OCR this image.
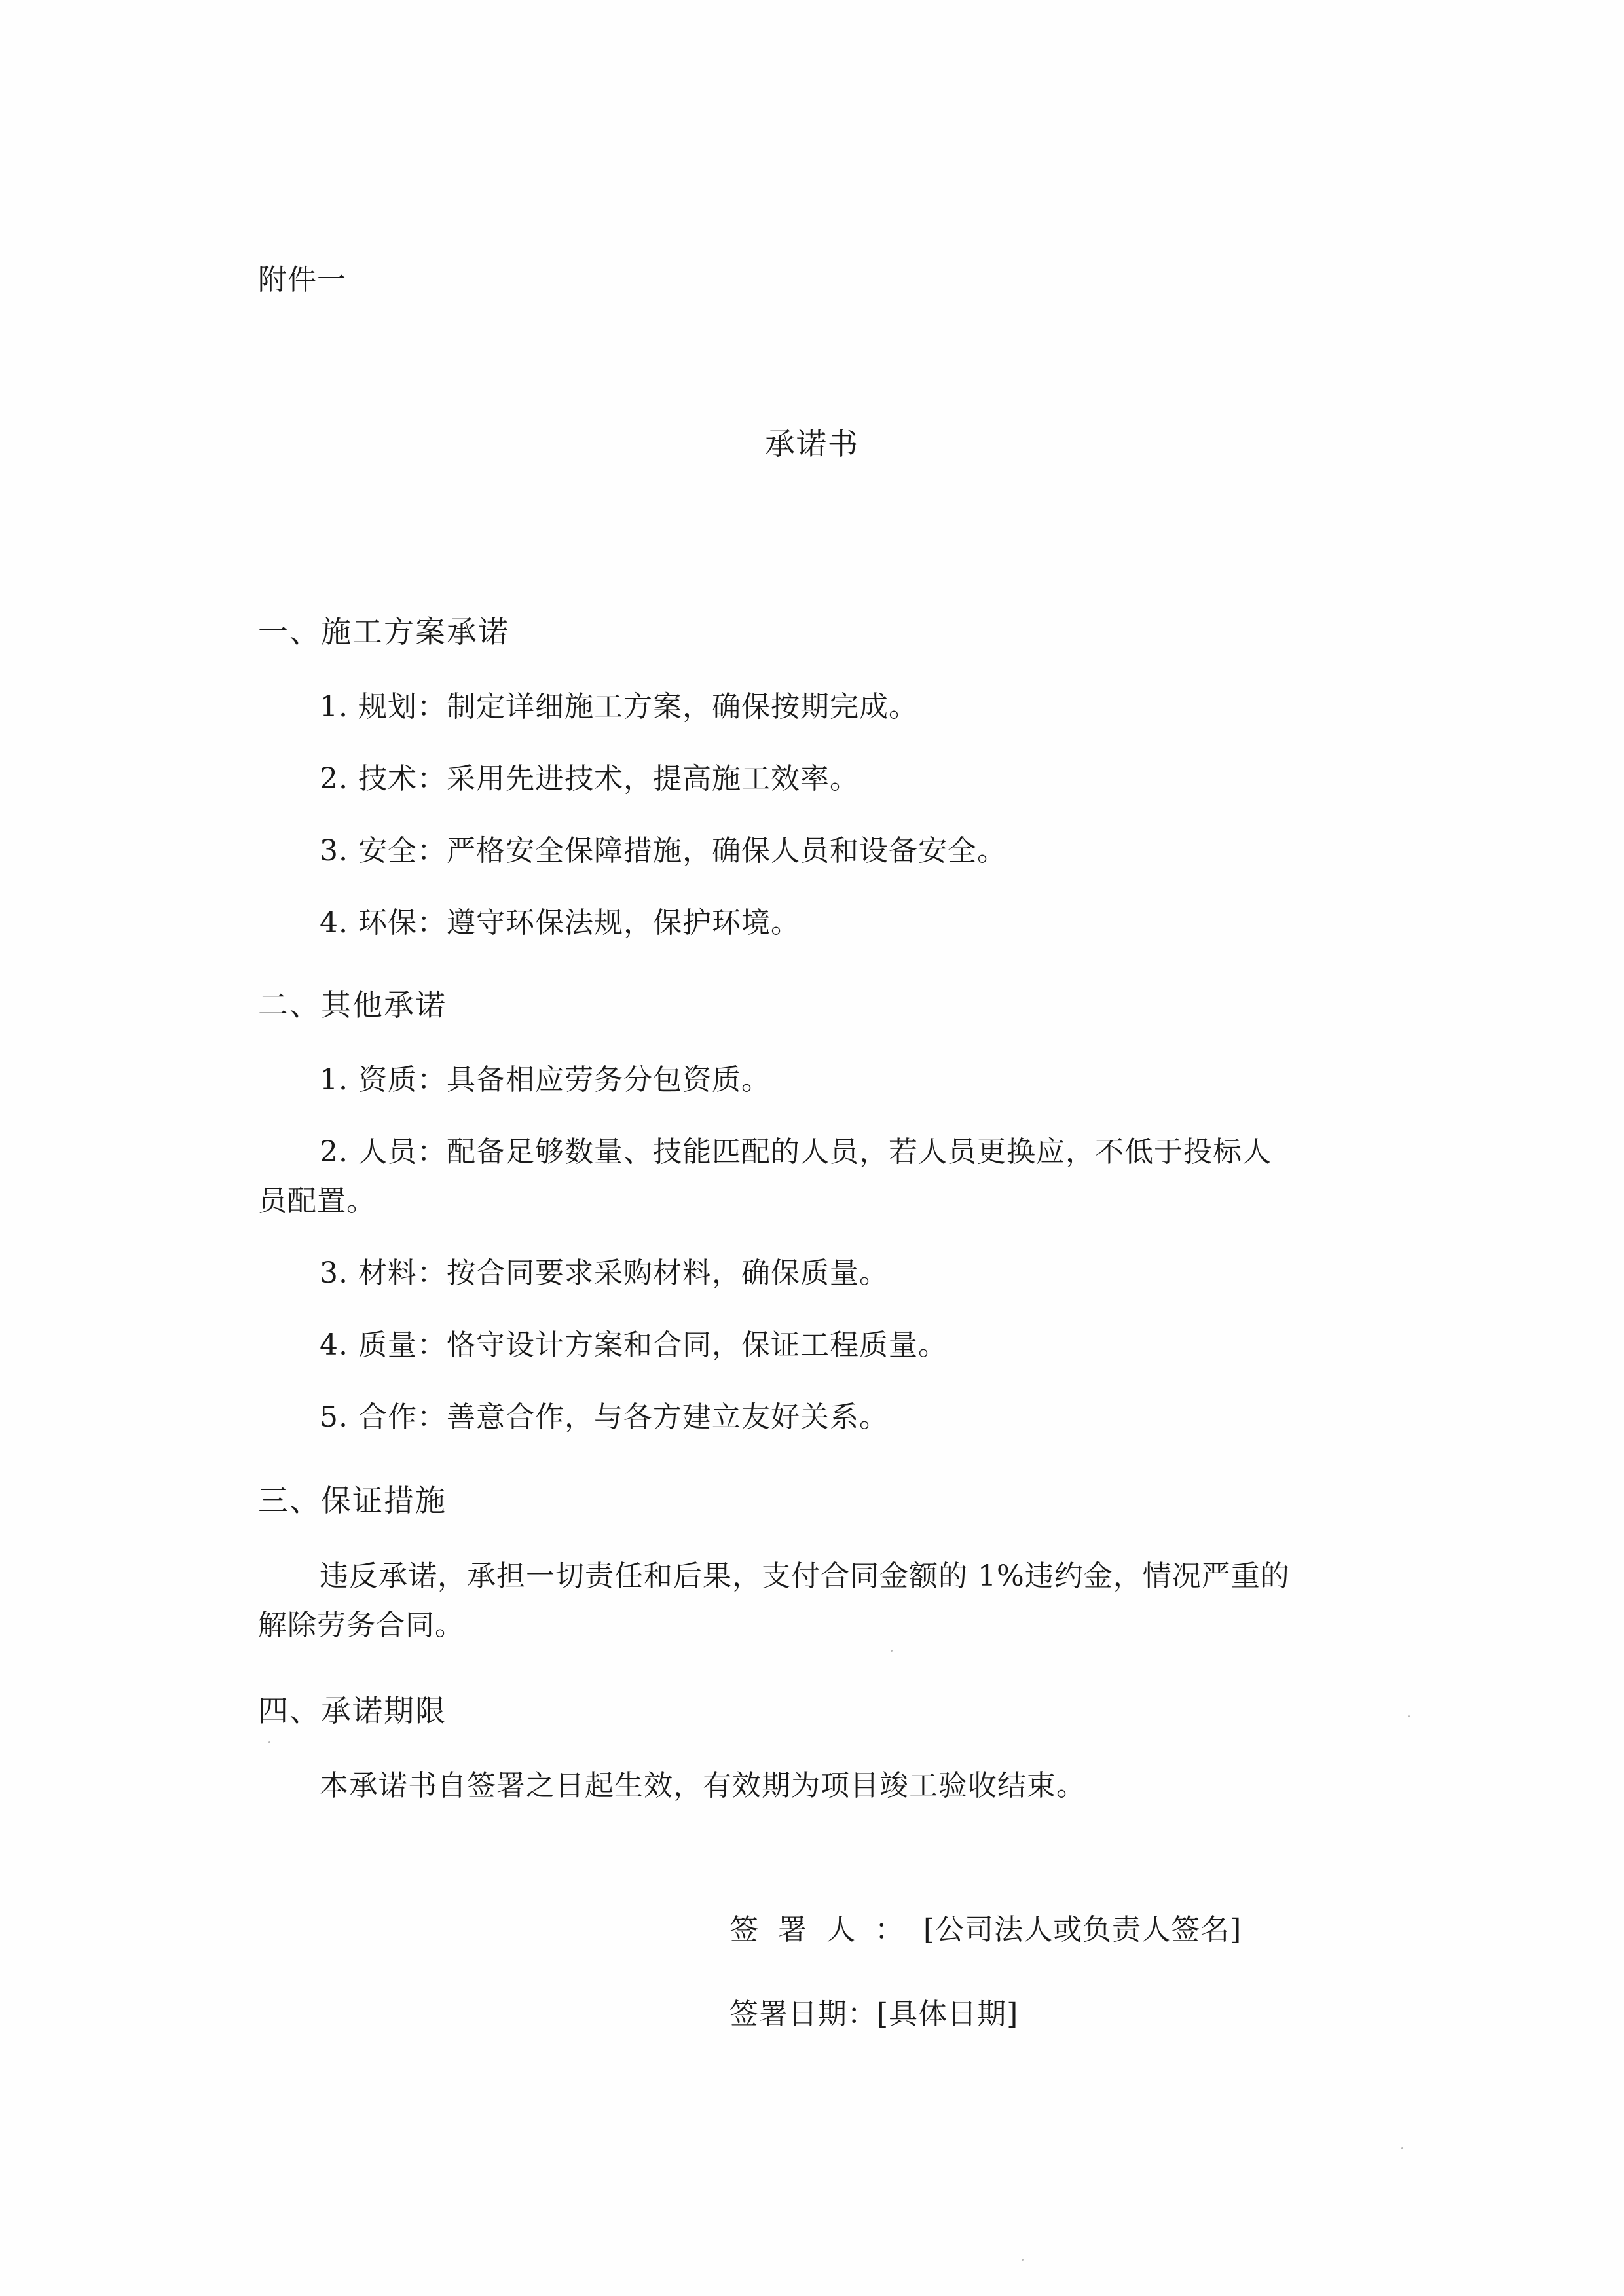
附件一
承诺书
一、施工方案承诺
1. 规划：制定详细施工方案，确保按期完成。
2. 技术：采用先进技术，提高施工效率。
3. 安全：严格安全保障措施，确保人员和设备安全。
4. 环保：遵守环保法规，保护环境。
二、其他承诺
1. 资质：具备相应劳务分包资质。
2. 人员：配备足够数量、技能匹配的人员，若人员更换应，不低于投标人
员配置。
3. 材料：按合同要求采购材料，确保质量。
4. 质量：恪守设计方案和合同，保证工程质量。
5. 合作：善意合作，与各方建立友好关系。
三、保证措施
违反承诺，承担一切责任和后果，支付合同金额的 1%违约金，情况严重的
解除劳务合同。
四、承诺期限
本承诺书自签署之日起生效，有效期为项目竣工验收结束。
签署人：[公司法人或负责人签名]
签署日期：[具体日期]
